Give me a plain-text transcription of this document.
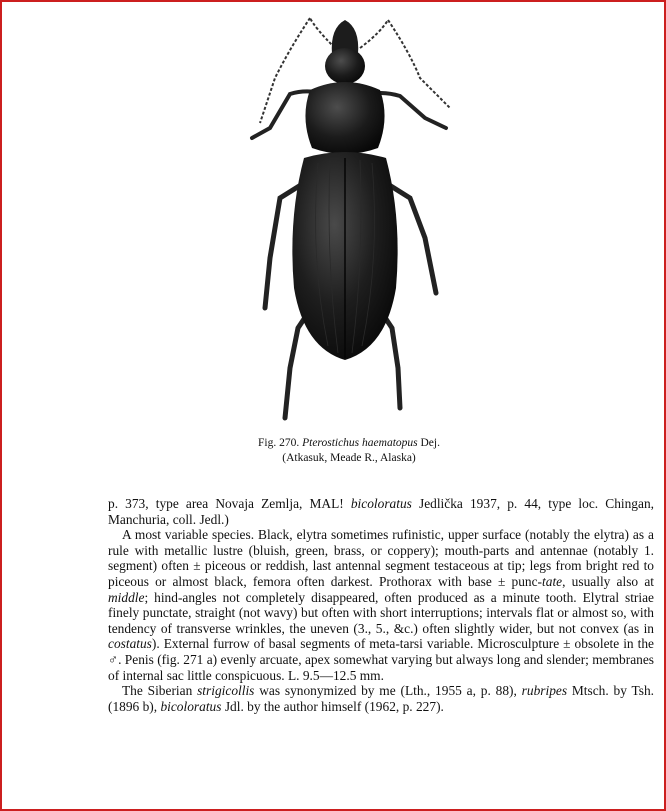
Fig. 270. Pterostichus haematopus Dej.
(Atkasuk, Meade R., Alaska)

p. 373, type area Novaja Zemlja, MAL! bicoloratus Jedlička 1937, p. 44, type loc. Chingan, Manchuria, coll. Jedl.)

A most variable species. Black, elytra sometimes rufinistic, upper surface (notably the elytra) as a rule with metallic lustre (bluish, green, brass, or coppery); mouth-parts and antennae (notably 1. segment) often ± piceous or reddish, last antennal segment testaceous at tip; legs from bright red to piceous or almost black, femora often darkest. Prothorax with base ± punc-tate, usually also at middle; hind-angles not completely disappeared, often produced as a minute tooth. Elytral striae finely punctate, straight (not wavy) but often with short interruptions; intervals flat or almost so, with tendency of transverse wrinkles, the uneven (3., 5., &c.) often slightly wider, but not convex (as in costatus). External furrow of basal segments of meta-tarsi variable. Microsculpture ± obsolete in the ♂. Penis (fig. 271 a) evenly arcuate, apex somewhat varying but always long and slender; membranes of internal sac little conspicuous. L. 9.5—12.5 mm.

The Siberian strigicollis was synonymized by me (Lth., 1955 a, p. 88), rubripes Mtsch. by Tsh. (1896 b), bicoloratus Jdl. by the author himself (1962, p. 227).
